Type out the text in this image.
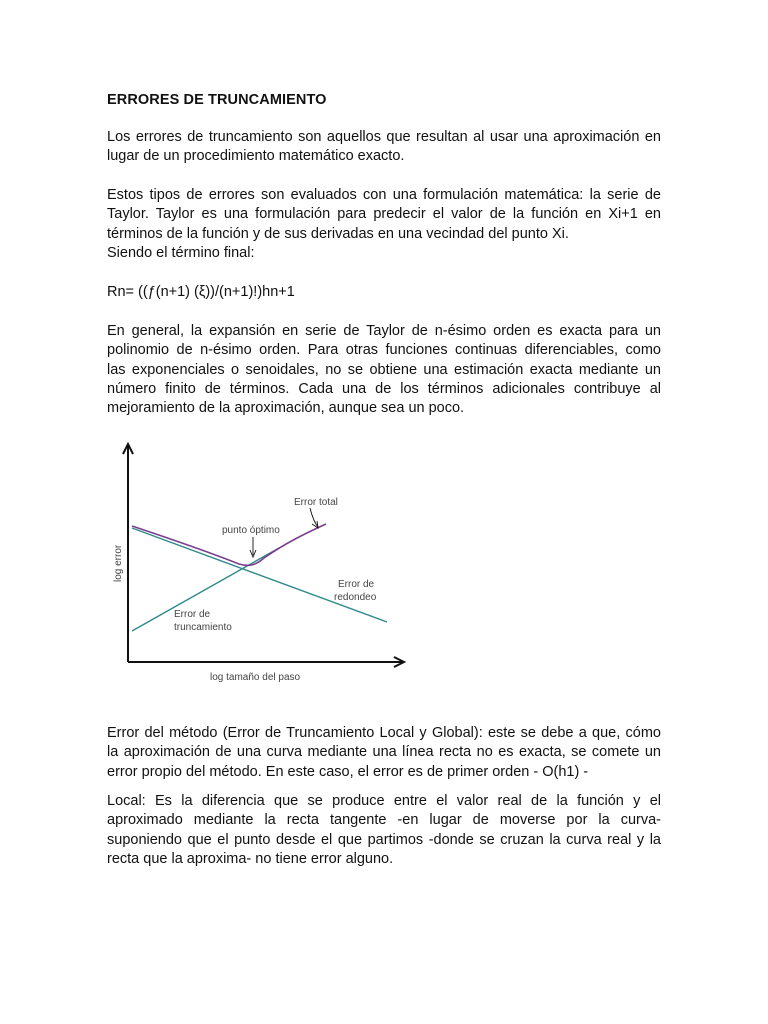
ERRORES DE TRUNCAMIENTO
Los errores de truncamiento son aquellos que resultan al usar una aproximación en
lugar de un procedimiento matemático exacto.
Estos tipos de errores son evaluados con una formulación matemática: la serie de
Taylor. Taylor es una formulación para predecir el valor de la función en Xi+1 en
términos de la función y de sus derivadas en una vecindad del punto Xi.
Siendo el término final:
Rn= ((ƒ(n+1) (ξ))/(n+1)!)hn+1
En general, la expansión en serie de Taylor de n-ésimo orden es exacta para un
polinomio de n-ésimo orden. Para otras funciones continuas diferenciables, como
las exponenciales o senoidales, no se obtiene una estimación exacta mediante un
número finito de términos. Cada una de los términos adicionales contribuye al
mejoramiento de la aproximación, aunque sea un poco.
Error total
punto óptimo
Error de
redondeo
Error de
truncamiento
log tamaño del paso
log error
Error del método (Error de Truncamiento Local y Global): este se debe a que, cómo
la aproximación de una curva mediante una línea recta no es exacta, se comete un
error propio del método. En este caso, el error es de primer orden - O(h1) -
Local: Es la diferencia que se produce entre el valor real de la función y el
aproximado mediante la recta tangente -en lugar de moverse por la curva-
suponiendo que el punto desde el que partimos -donde se cruzan la curva real y la
recta que la aproxima- no tiene error alguno.
